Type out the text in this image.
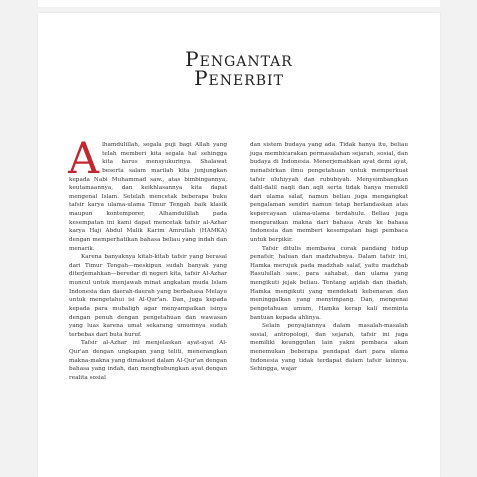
Pengantar
Penerbit

Alhamdulillah, segala puji bagi Allah yang telah memberi kita segala hal sehingga kita harus mensyukurinya. Shalawat beserta salam marilah kita junjungkan kepada Nabi Muhammad saw., atas bimbingannya, keutamaannya, dan keikhlasannya kita dapat mengenal Islam. Setelah mencetak beberapa buku tafsir karya ulama-ulama Timur Tengah baik klasik maupun kontemporer, Alhamdulillah pada kesempatan ini kami dapat mencetak tafsir al-Azhar karya Haji Abdul Malik Karim Amrullah (HAMKA) dengan memperhatikan bahasa beliau yang indah dan menarik.

Karena banyaknya kitab-kitab tafsir yang berasal dari Timur Tengah—meskipun sudah banyak yang diterjemahkan—beredar di negeri kita, tafsir Al-Azhar muncul untuk menjawab minat angkatan muda Islam Indonesia dan daerah-daerah yang berbahasa Melayu untuk mengetahui isi Al-Qur'an. Dan, juga kepada kepada para mubaligh agar menyampaikan isinya dengan penuh dengan pengetahuan dan wawasan yang luas karena umat sekarang umumnya sudah terbebas dari buta huruf.

Tafsir al-Azhar ini menjelaskan ayat-ayat Al-Qur'an dengan ungkapan yang teliti, menerangkan makna-makna yang dimaksud dalam Al-Qur'an dengan bahasa yang indah, dan menghubungkan ayat dengan realita sosial

dan sistem budaya yang ada. Tidak hanya itu, beliau juga membicarakan permasalahan sejarah, sosial, dan budaya di Indonesia. Menerjemahkan ayat demi ayat, menafsirkan ilmu pengetahuan untuk memperkuat tafsir uluhiyyah dan rububiyah. Menyeimbangkan dalil-dalil naqli dan aqli serta tidak hanya menukil dari ulama salaf, namun beliau juga mengangkat pengalaman sendiri namun tetap berlandaskan atas kepercayaan ulama-ulama terdahulu. Beliau juga menguraikan makna dari bahasa Arab ke bahasa Indonesia dan memberi kesempatan bagi pembaca untuk berpikir.

Tafsir ditulis membawa corak pandang hidup penafsir, haluan dan madzhabnya. Dalam tafsir ini, Hamka merujuk pada madzhab salaf, yaitu madzhab Rasulullah saw., para sahabat, dan ulama yang mengikuti jejak beliau. Tentang aqidah dan ibadah, Hamka mengikuti yang mendekati kebenaran dan meninggalkan yang menyimpang. Dan, mengenai pengetahuan umum, Hamka kerap kali meminta bantuan kepada ahlinya.

Selain penyajiannya dalam masalah-masalah sosial, antropologi, dan sejarah, tafsir ini juga memiliki keunggulan lain yakni pembaca akan menemukan beberapa pendapat dari para ulama Indonesia yang tidak terdapat dalam tafsir lainnya. Sehingga, wajar
